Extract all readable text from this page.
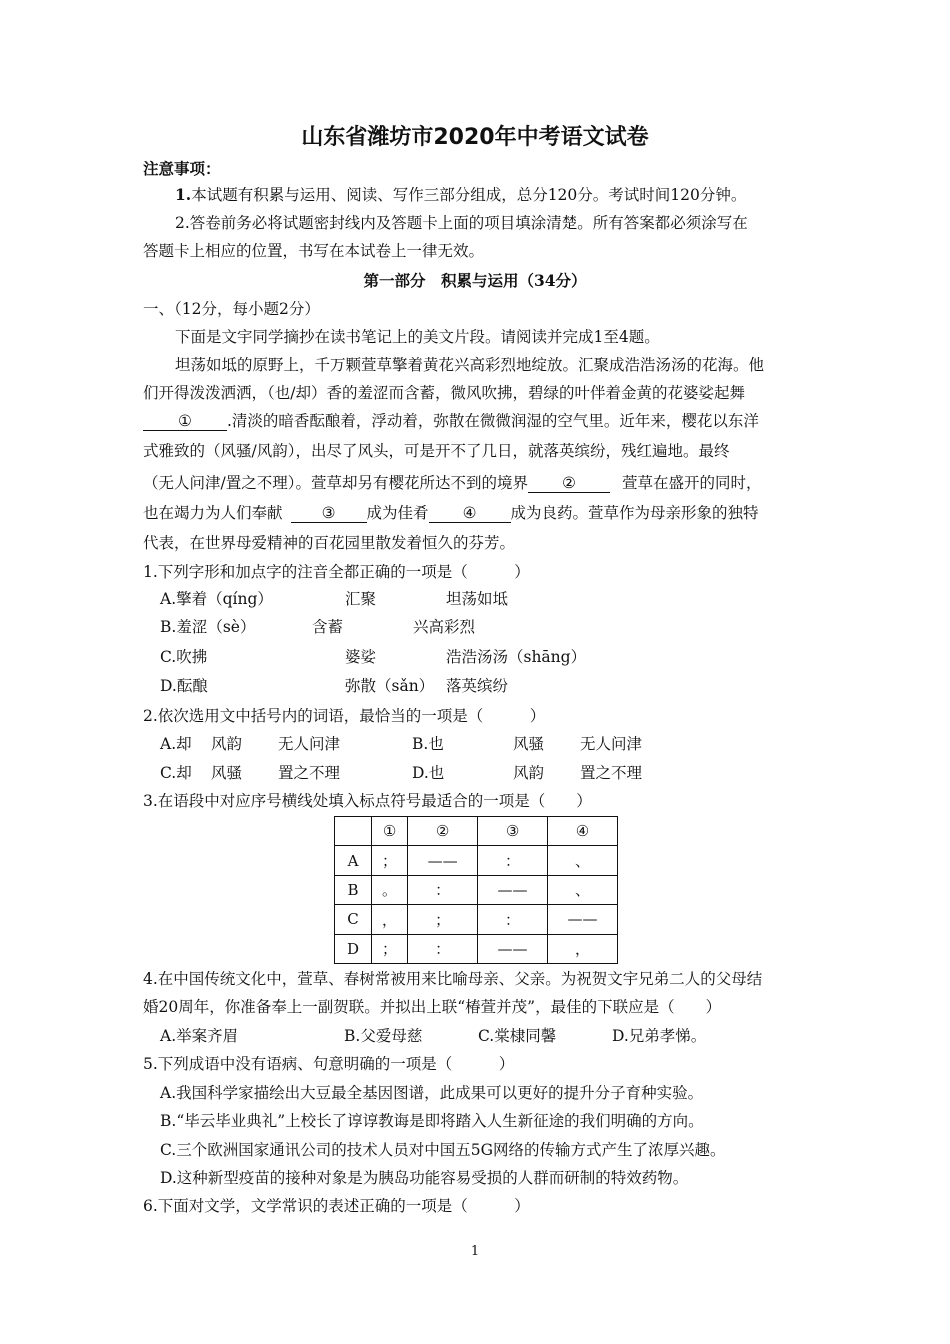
山东省潍坊市2020年中考语文试卷
注意事项：
1.本试题有积累与运用、阅读、写作三部分组成，总分120分。考试时间120分钟。
2.答卷前务必将试题密封线内及答题卡上面的项目填涂清楚。所有答案都必须涂写在
答题卡上相应的位置，书写在本试卷上一律无效。
第一部分　积累与运用（34分）
一、（12分，每小题2分）
下面是文宇同学摘抄在读书笔记上的美文片段。请阅读并完成1至4题。
坦荡如坻的原野上，千万颗萱草擎着黄花兴高彩烈地绽放。汇聚成浩浩汤汤的花海。他
们开得泼泼洒洒，（也/却）香的羞涩而含蓄，微风吹拂，碧绿的叶伴着金黄的花婆娑起舞
① .清淡的暗香酝酿着，浮动着，弥散在微微润湿的空气里。近年来，樱花以东洋
式雅致的（风骚/风韵），出尽了风头，可是开不了几日，就落英缤纷，残红遍地。最终
（无人问津/置之不理）。萱草却另有樱花所达不到的境界 ②	萱草在盛开的同时，
也在竭力为人们奉献	③ 成为佳肴 ④ 成为良药。萱草作为母亲形象的独特
代表，在世界母爱精神的百花园里散发着恒久的芬芳。
1.下列字形和加点字的注音全都正确的一项是（　　　）
A.擎着（qíng）	汇聚	坦荡如坻
B.羞涩（sè）	含蓄	兴高彩烈
C.吹拂	婆娑	浩浩汤汤（shāng）
D.酝酿	弥散（sǎn） 落英缤纷
2.依次选用文中括号内的词语，最恰当的一项是（　　　）
A.却 风韵 无人问津	B.也	风骚 无人问津
C.却 风骚 置之不理	D.也	风韵 置之不理
3.在语段中对应序号横线处填入标点符号最适合的一项是（　　）
	①	②	③	④
A	；	——	：	、
B	。	：	——	、
C	，	；	：	——
D	；	：	——	，
4.在中国传统文化中，萱草、春树常被用来比喻母亲、父亲。为祝贺文宇兄弟二人的父母结
婚20周年，你准备奉上一副贺联。并拟出上联“椿萱并茂”，最佳的下联应是（　　）
A.举案齐眉	B.父爱母慈	C.棠棣同馨	D.兄弟孝悌。
5.下列成语中没有语病、句意明确的一项是（　　　）
A.我国科学家描绘出大豆最全基因图谱，此成果可以更好的提升分子育种实验。
B.“毕云毕业典礼”上校长了谆谆教诲是即将踏入人生新征途的我们明确的方向。
C.三个欧洲国家通讯公司的技术人员对中国五5G网络的传输方式产生了浓厚兴趣。
D.这种新型疫苗的接种对象是为胰岛功能容易受损的人群而研制的特效药物。
6.下面对文学，文学常识的表述正确的一项是（　　　）
1
